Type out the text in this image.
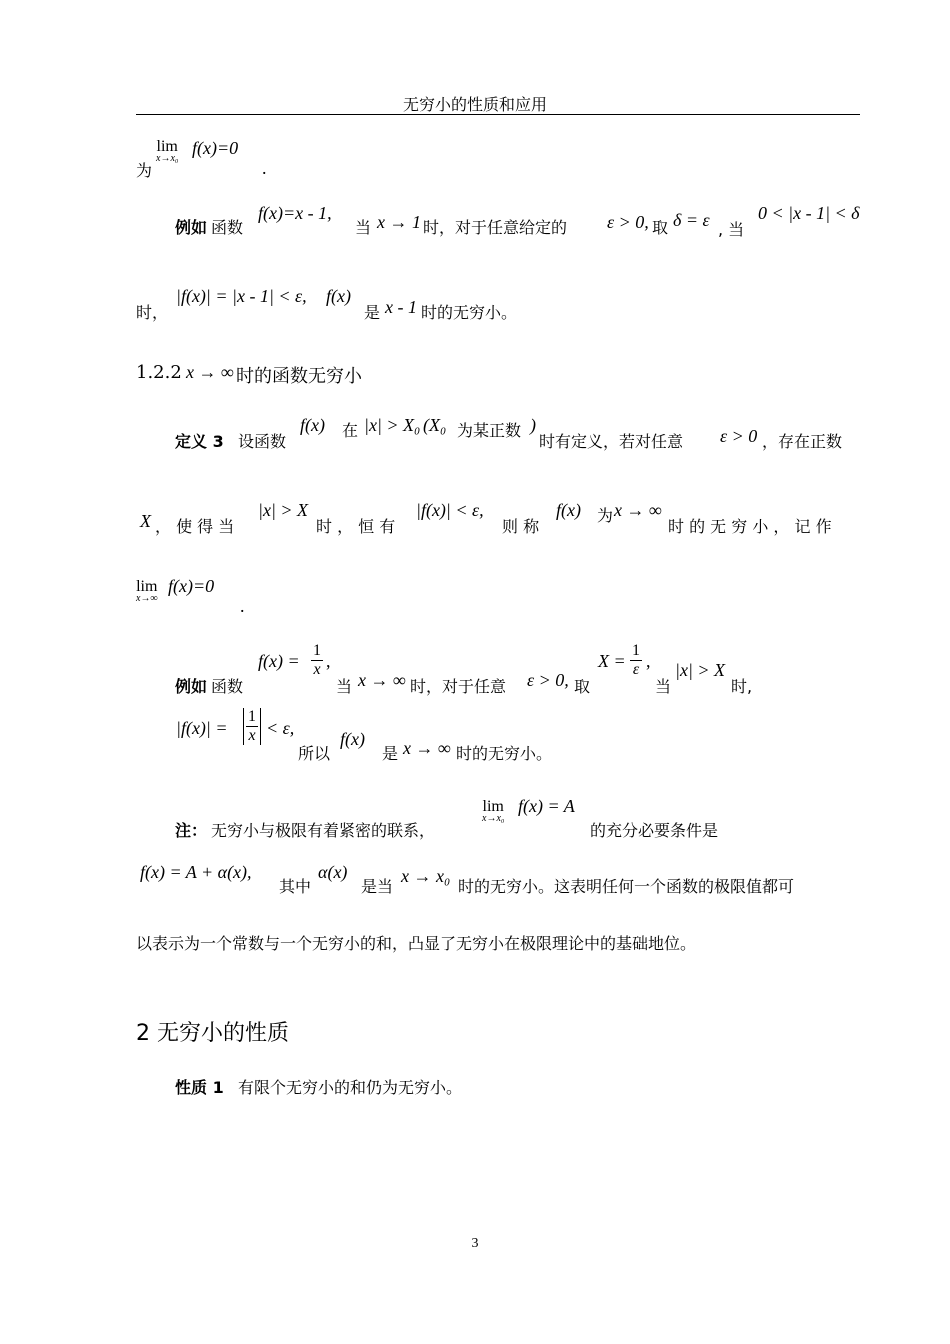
无穷小的性质和应用
为
lim
x→x₀
f(x)=0
.
例如 函数
f(x)=x - 1,
当 x → 1 时，对于任意给定的 ε > 0, 取 δ = ε , 当
0 < |x - 1| < δ
时，
|f(x)| = |x - 1| < ε, f(x)
是 x - 1 时的无穷小。
1.2.2 x → ∞ 时的函数无穷小
定义 3 设函数
f(x) 在 |x| > X₀ (X₀ 为某正数 )
时有定义，若对任意 ε > 0 ，存在正数
X ， 使 得 当
|x| > X
时 ， 恒 有
|f(x)| < ε,
则 称
f(x) 为 x → ∞
时 的 无 穷 小 ， 记 作
lim
x→∞
f(x)=0
.
例如 函数
$f(x) = \frac{1}{x}$ ,
当 x → ∞ 时，对于任意 ε > 0, 取
$X = \frac{1}{\varepsilon}$ ,
当
|x| > X
时,
$|f(x)| = \frac{1}{x} < \varepsilon$,
所以
f(x)
是 x → ∞ 时的无穷小。
注： 无穷小与极限有着紧密的联系，
lim
x→x₀
f(x) = A
的充分必要条件是
f(x) = A + α(x),
其中
α(x)
是当
x → x₀
时的无穷小。这表明任何一个函数的极限值都可
以表示为一个常数与一个无穷小的和，凸显了无穷小在极限理论中的基础地位。
2 无穷小的性质
性质 1 有限个无穷小的和仍为无穷小。
3
